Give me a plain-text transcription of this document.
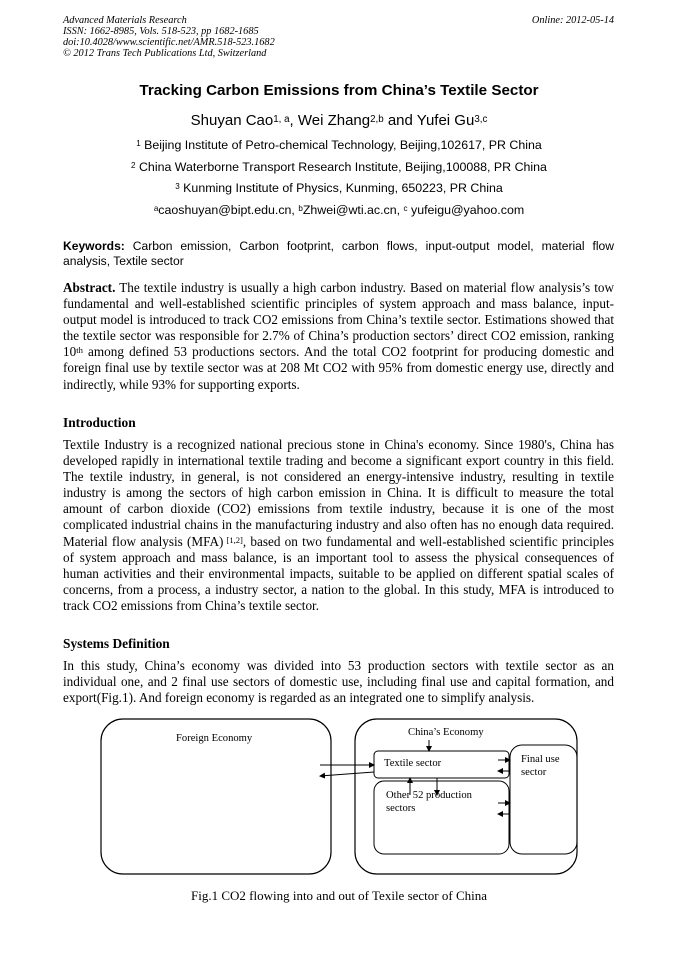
Advanced Materials Research
ISSN: 1662-8985, Vols. 518-523, pp 1682-1685
doi:10.4028/www.scientific.net/AMR.518-523.1682
© 2012 Trans Tech Publications Ltd, Switzerland
Online: 2012-05-14
Tracking Carbon Emissions from China’s Textile Sector
Shuyan Cao$^{1, a}$, Wei Zhang$^{2,b}$ and Yufei Gu$^{3,c}$
$^1$ Beijing Institute of Petro-chemical Technology, Beijing,102617, PR China
$^2$ China Waterborne Transport Research Institute, Beijing,100088, PR China
$^3$ Kunming Institute of Physics, Kunming, 650223, PR China
$^a$caoshuyan@bipt.edu.cn, $^b$Zhwei@wti.ac.cn, $^c$ yufeigu@yahoo.com
Keywords: Carbon emission, Carbon footprint, carbon flows, input-output model, material flow analysis, Textile sector
Abstract. The textile industry is usually a high carbon industry. Based on material flow analysis’s tow fundamental and well-established scientific principles of system approach and mass balance, input-output model is introduced to track CO2 emissions from China’s textile sector. Estimations showed that the textile sector was responsible for 2.7% of China’s production sectors’ direct CO2 emission, ranking 10th among defined 53 productions sectors. And the total CO2 footprint for producing domestic and foreign final use by textile sector was at 208 Mt CO2 with 95% from domestic energy use, directly and indirectly, while 93% for supporting exports.
Introduction
Textile Industry is a recognized national precious stone in China's economy. Since 1980's, China has developed rapidly in international textile trading and become a significant export country in this field. The textile industry, in general, is not considered an energy-intensive industry, resulting in textile industry is among the sectors of high carbon emission in China. It is difficult to measure the total amount of carbon dioxide (CO2) emissions from textile industry, because it is one of the most complicated industrial chains in the manufacturing industry and also often has no enough data required. Material flow analysis (MFA) [1,2], based on two fundamental and well-established scientific principles of system approach and mass balance, is an important tool to assess the physical consequences of human activities and their environmental impacts, suitable to be applied on different spatial scales of concerns, from a process, a industry sector, a nation to the global. In this study, MFA is introduced to track CO2 emissions from China’s textile sector.
Systems Definition
In this study, China’s economy was divided into 53 production sectors with textile sector as an individual one, and 2 final use sectors of domestic use, including final use and capital formation, and export(Fig.1). And foreign economy is regarded as an integrated one to simplify analysis.
Foreign Economy
China’s Economy
Textile sector	Final use
sector
Other 52 production
sectors
Fig.1 CO2 flowing into and out of Texile sector of China
